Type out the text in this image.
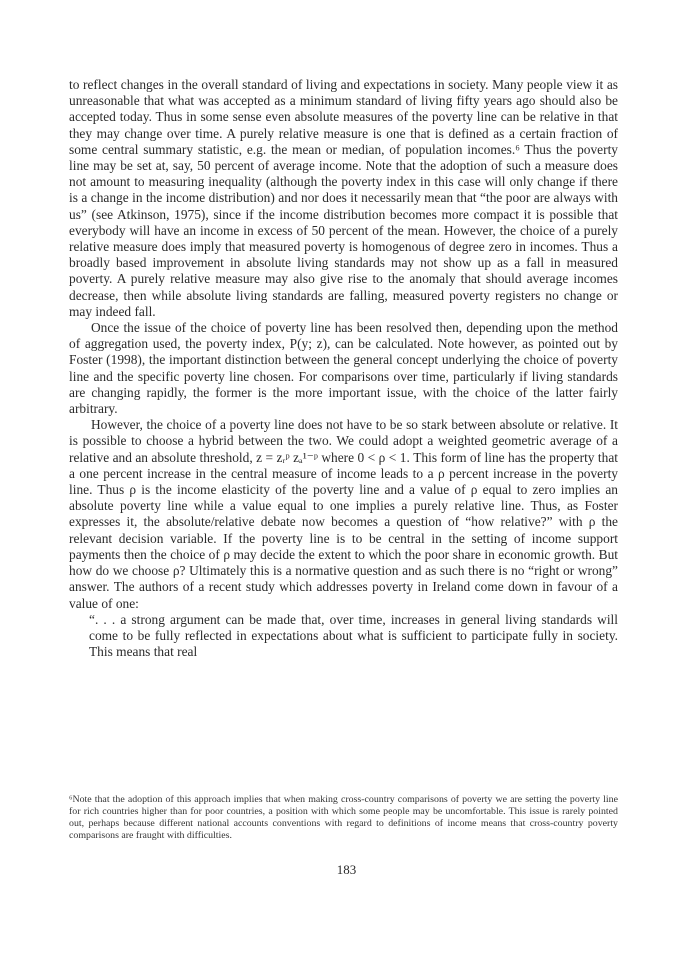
to reflect changes in the overall standard of living and expectations in society. Many people view it as unreasonable that what was accepted as a minimum standard of living fifty years ago should also be accepted today. Thus in some sense even absolute measures of the poverty line can be relative in that they may change over time. A purely relative measure is one that is defined as a certain fraction of some central summary statistic, e.g. the mean or median, of population incomes.⁶ Thus the poverty line may be set at, say, 50 percent of average income. Note that the adoption of such a measure does not amount to measuring inequality (although the poverty index in this case will only change if there is a change in the income distribution) and nor does it necessarily mean that “the poor are always with us” (see Atkinson, 1975), since if the income distribution becomes more compact it is possible that everybody will have an income in excess of 50 percent of the mean. However, the choice of a purely relative measure does imply that measured poverty is homogenous of degree zero in incomes. Thus a broadly based improvement in absolute living standards may not show up as a fall in measured poverty. A purely relative measure may also give rise to the anomaly that should average incomes decrease, then while absolute living standards are falling, measured poverty registers no change or may indeed fall.

Once the issue of the choice of poverty line has been resolved then, depending upon the method of aggregation used, the poverty index, P(y; z), can be calculated. Note however, as pointed out by Foster (1998), the important distinction between the general concept underlying the choice of poverty line and the specific poverty line chosen. For comparisons over time, particularly if living standards are changing rapidly, the former is the more important issue, with the choice of the latter fairly arbitrary.

However, the choice of a poverty line does not have to be so stark between absolute or relative. It is possible to choose a hybrid between the two. We could adopt a weighted geometric average of a relative and an absolute threshold, z = zᵣᵖ zₐ¹⁻ᵖ where 0 < ρ < 1. This form of line has the property that a one percent increase in the central measure of income leads to a ρ percent increase in the poverty line. Thus ρ is the income elasticity of the poverty line and a value of ρ equal to zero implies an absolute poverty line while a value equal to one implies a purely relative line. Thus, as Foster expresses it, the absolute/relative debate now becomes a question of “how relative?” with ρ the relevant decision variable. If the poverty line is to be central in the setting of income support payments then the choice of ρ may decide the extent to which the poor share in economic growth. But how do we choose ρ? Ultimately this is a normative question and as such there is no “right or wrong” answer. The authors of a recent study which addresses poverty in Ireland come down in favour of a value of one:

“. . . a strong argument can be made that, over time, increases in general living standards will come to be fully reflected in expectations about what is sufficient to participate fully in society. This means that real

⁶Note that the adoption of this approach implies that when making cross-country comparisons of poverty we are setting the poverty line for rich countries higher than for poor countries, a position with which some people may be uncomfortable. This issue is rarely pointed out, perhaps because different national accounts conventions with regard to definitions of income means that cross-country poverty comparisons are fraught with difficulties.
183
